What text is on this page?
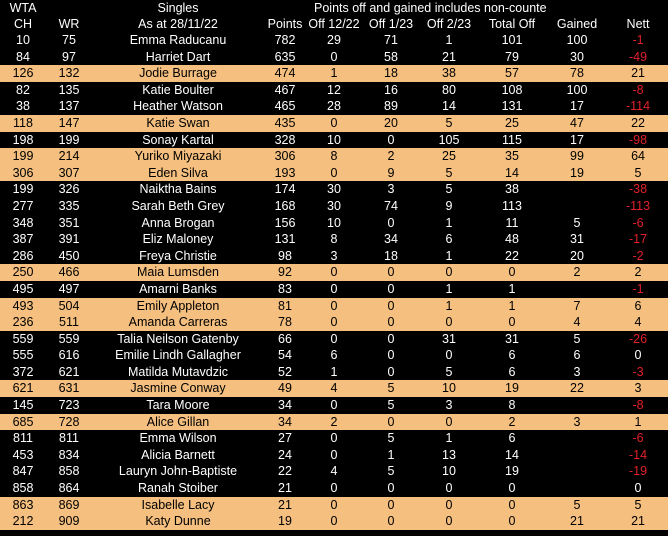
WTA		Singles		Points off and gained includes non-counte					
CH	WR	As at 28/11/22	Points	Off 12/22	Off 1/23	Off 2/23	Total Off	Gained	Nett
10	75	Emma Raducanu	782	29	71	1	101	100	-1
84	97	Harriet Dart	635	0	58	21	79	30	-49
126	132	Jodie Burrage	474	1	18	38	57	78	21
82	135	Katie Boulter	467	12	16	80	108	100	-8
38	137	Heather Watson	465	28	89	14	131	17	-114
118	147	Katie Swan	435	0	20	5	25	47	22
198	199	Sonay Kartal	328	10	0	105	115	17	-98
199	214	Yuriko Miyazaki	306	8	2	25	35	99	64
306	307	Eden Silva	193	0	9	5	14	19	5
199	326	Naiktha Bains	174	30	3	5	38		-38
277	335	Sarah Beth Grey	168	30	74	9	113		-113
348	351	Anna Brogan	156	10	0	1	11	5	-6
387	391	Eliz Maloney	131	8	34	6	48	31	-17
286	450	Freya Christie	98	3	18	1	22	20	-2
250	466	Maia Lumsden	92	0	0	0	0	2	2
495	497	Amarni Banks	83	0	0	1	1		-1
493	504	Emily Appleton	81	0	0	1	1	7	6
236	511	Amanda Carreras	78	0	0	0	0	4	4
559	559	Talia Neilson Gatenby	66	0	0	31	31	5	-26
555	616	Emilie Lindh Gallagher	54	6	0	0	6	6	0
372	621	Matilda Mutavdzic	52	1	0	5	6	3	-3
621	631	Jasmine Conway	49	4	5	10	19	22	3
145	723	Tara Moore	34	0	5	3	8		-8
685	728	Alice Gillan	34	2	0	0	2	3	1
811	811	Emma Wilson	27	0	5	1	6		-6
453	834	Alicia Barnett	24	0	1	13	14		-14
847	858	Lauryn John-Baptiste	22	4	5	10	19		-19
858	864	Ranah Stoiber	21	0	0	0	0		0
863	869	Isabelle Lacy	21	0	0	0	0	5	5
212	909	Katy Dunne	19	0	0	0	0	21	21
